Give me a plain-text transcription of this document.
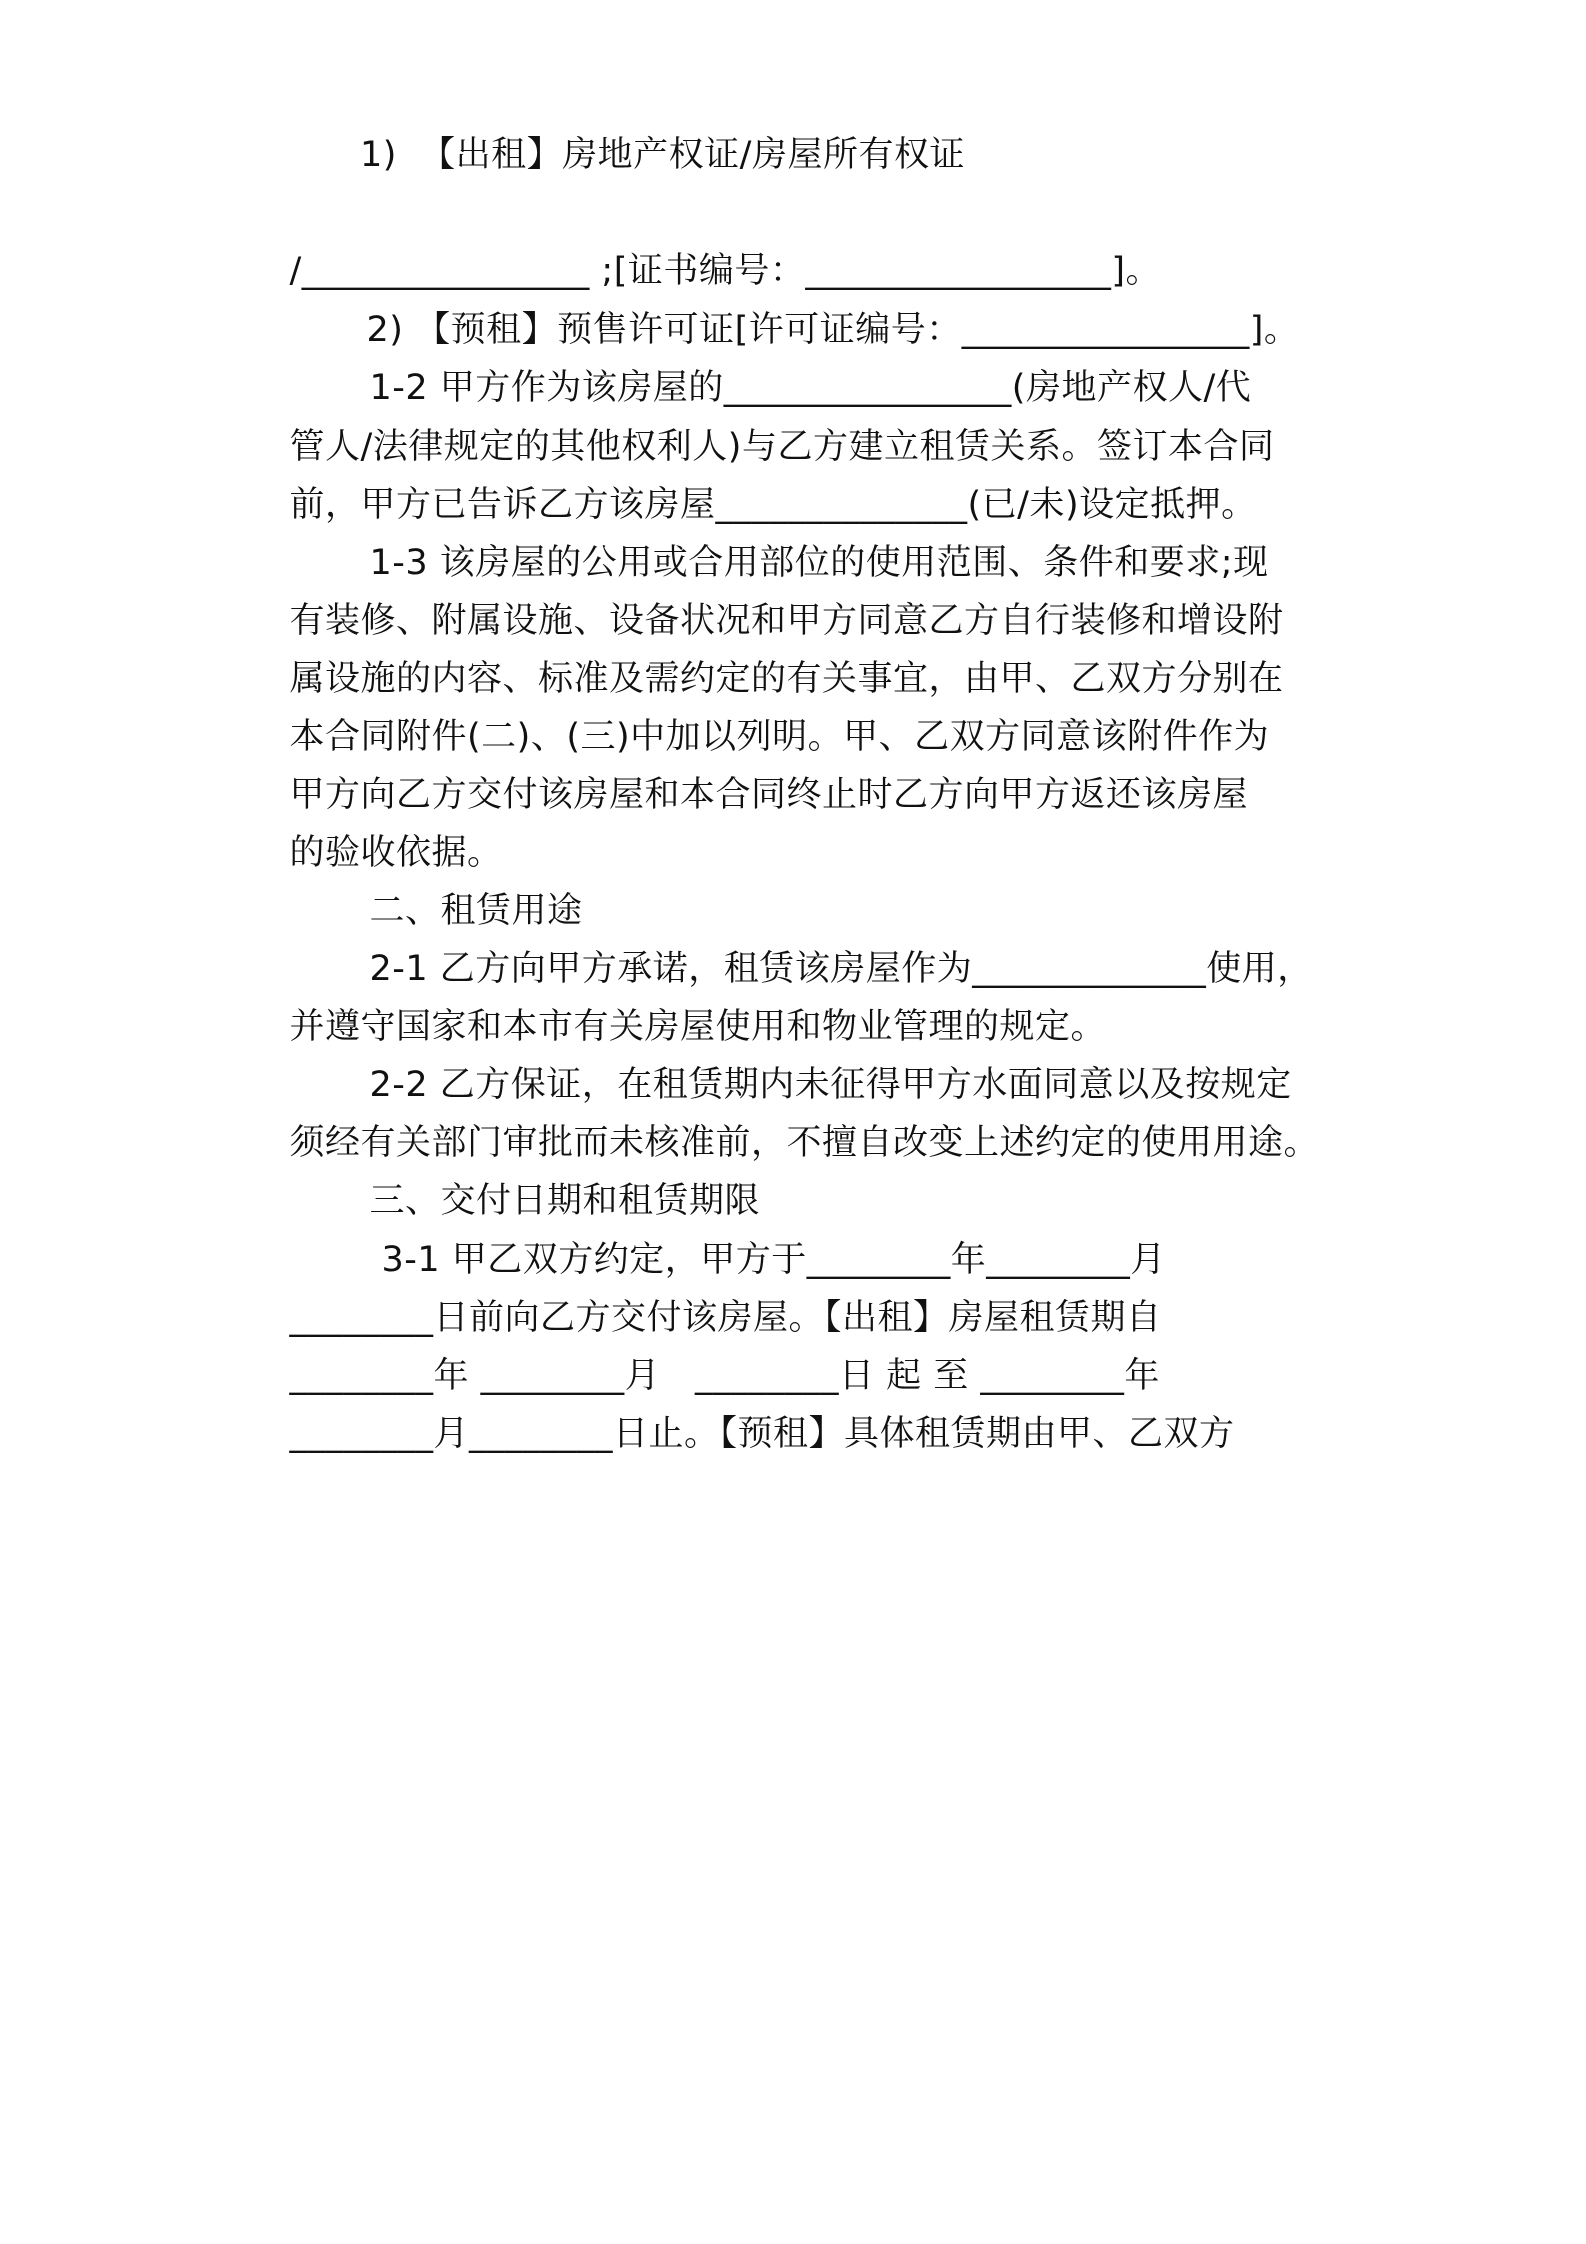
1)  【出租】房地产权证/房屋所有权证

/________________ ;[证书编号：_________________]。

2) 【预租】预售许可证[许可证编号：________________]。

1-2 甲方作为该房屋的________________(房地产权人/代

管人/法律规定的其他权利人)与乙方建立租赁关系。签订本合同

前，甲方已告诉乙方该房屋______________(已/未)设定抵押。

1-3 该房屋的公用或合用部位的使用范围、条件和要求;现

有装修、附属设施、设备状况和甲方同意乙方自行装修和增设附

属设施的内容、标准及需约定的有关事宜，由甲、乙双方分别在

本合同附件(二)、(三)中加以列明。甲、乙双方同意该附件作为

甲方向乙方交付该房屋和本合同终止时乙方向甲方返还该房屋

的验收依据。

二、租赁用途

2-1 乙方向甲方承诺，租赁该房屋作为_____________使用，

并遵守国家和本市有关房屋使用和物业管理的规定。

2-2 乙方保证，在租赁期内未征得甲方水面同意以及按规定

须经有关部门审批而未核准前，不擅自改变上述约定的使用用途。

三、交付日期和租赁期限

3-1 甲乙双方约定，甲方于________年________月

________日前向乙方交付该房屋。【出租】房屋租赁期自

________年 ________月   ________日 起 至 ________年

________月________日止。【预租】具体租赁期由甲、乙双方
